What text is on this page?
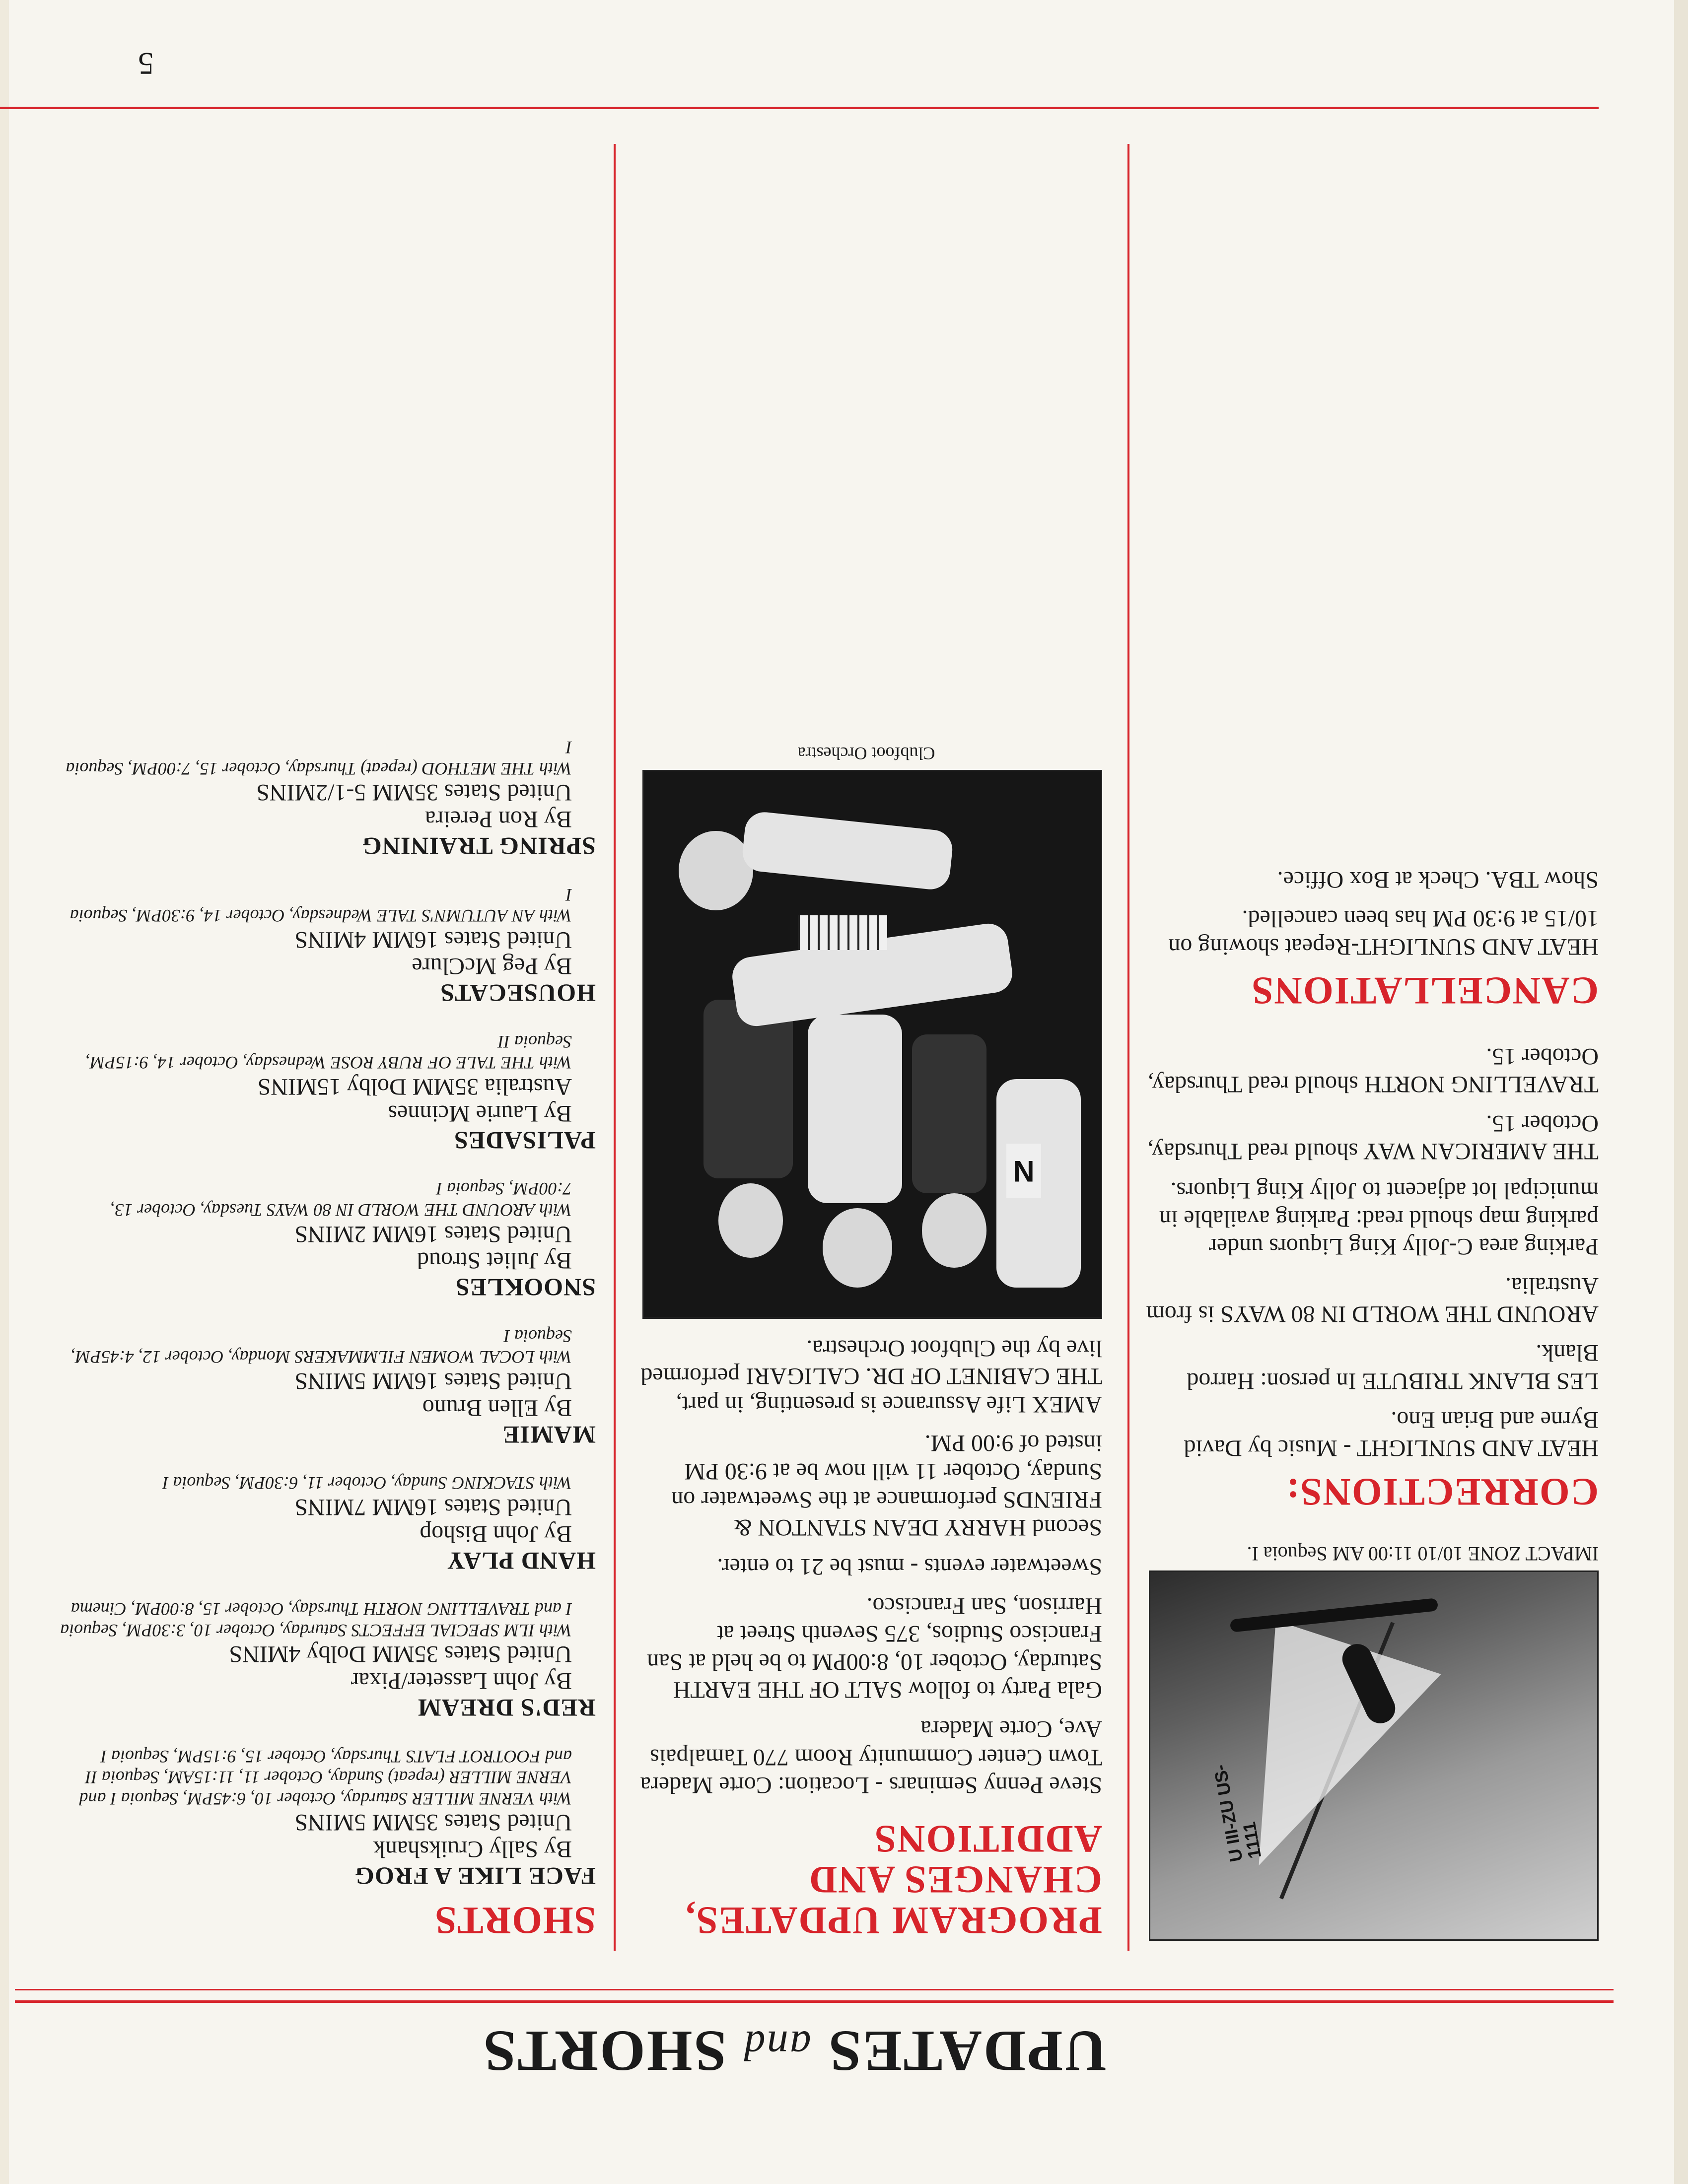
UPDATES and SHORTS
U III-ZU US-1111
IMPACT ZONE 10/10 11:00 AM Sequoia I.
CORRECTIONS:

HEAT AND SUNLIGHT - Music by David Byrne and Brian Eno.

LES BLANK TRIBUTE In person: Harrod Blank.

AROUND THE WORLD IN 80 WAYS is from Australia.

Parking area C-Jolly King Liquors under parking map should read: Parking available in municipal lot adjacent to Jolly King Liquors.

THE AMERICAN WAY should read Thursday, October 15.

TRAVELLING NORTH should read Thursday, October 15.

CANCELLATIONS

HEAT AND SUNLIGHT-Repeat showing on 10/15 at 9:30 PM has been cancelled.

Show TBA. Check at Box Office.

PROGRAM UPDATES, CHANGES AND ADDITIONS

Steve Penny Seminars - Location: Corte Madera Town Center Community Room 770 Tamalpais Ave, Corte Madera

Gala Party to follow SALT OF THE EARTH Saturday, October 10, 8:00PM to be held at San Francisco Studios, 375 Seventh Street at Harrison, San Francisco.

Sweetwater events - must be 21 to enter.

Second HARRY DEAN STANTON & FRIENDS performance at the Sweetwater on Sunday, October 11 will now be at 9:30 PM insted of 9:00 PM.

AMEX Life Assurance is presenting, in part, THE CABINET OF DR. CALIGARI performed live by the Clubfoot Orchestra.

N
Clubfoot Orchestra
SHORTS
FACE LIKE A FROG
By Sally Cruikshank
United States 35MM 5MINS
With VERNE MILLER Saturday, October 10, 6:45PM, Sequoia I and VERNE MILLER (repeat) Sunday, October 11, 11:15AM, Sequoia II and FOOTROT FLATS Thursday, October 15, 9:15PM, Sequoia I
RED'S DREAM
By John Lasseter/Pixar
United States 35MM Dolby 4MINS
With ILM SPECIAL EFFECTS Saturday, October 10, 3:30PM, Sequoia I and TRAVELLING NORTH Thursday, October 15, 8:00PM, Cinema
HAND PLAY
By John Bishop
United States 16MM 7MINS
With STACKING Sunday, October 11, 6:30PM, Sequoia I
MAMIE
By Ellen Bruno
United States 16MM 5MINS
With LOCAL WOMEN FILMMAKERS Monday, October 12, 4:45PM, Sequoia I
SNOOKLES
By Juliet Stroud
United States 16MM 2MINS
With AROUND THE WORLD IN 80 WAYS Tuesday, October 13, 7:00PM, Sequoia I
PALISADES
By Laurie Mcinnes
Australia 35MM Dolby 15MINS
With THE TALE OF RUBY ROSE Wednesday, October 14, 9:15PM, Sequoia II
HOUSECATS
By Peg McClure
United States 16MM 4MINS
With AN AUTUMN'S TALE Wednesday, October 14, 9:30PM, Sequoia I
SPRING TRAINING
By Ron Pereira
United States 35MM 5-1/2MINS
With THE METHOD (repeat) Thursday, October 15, 7:00PM, Sequoia I
5
